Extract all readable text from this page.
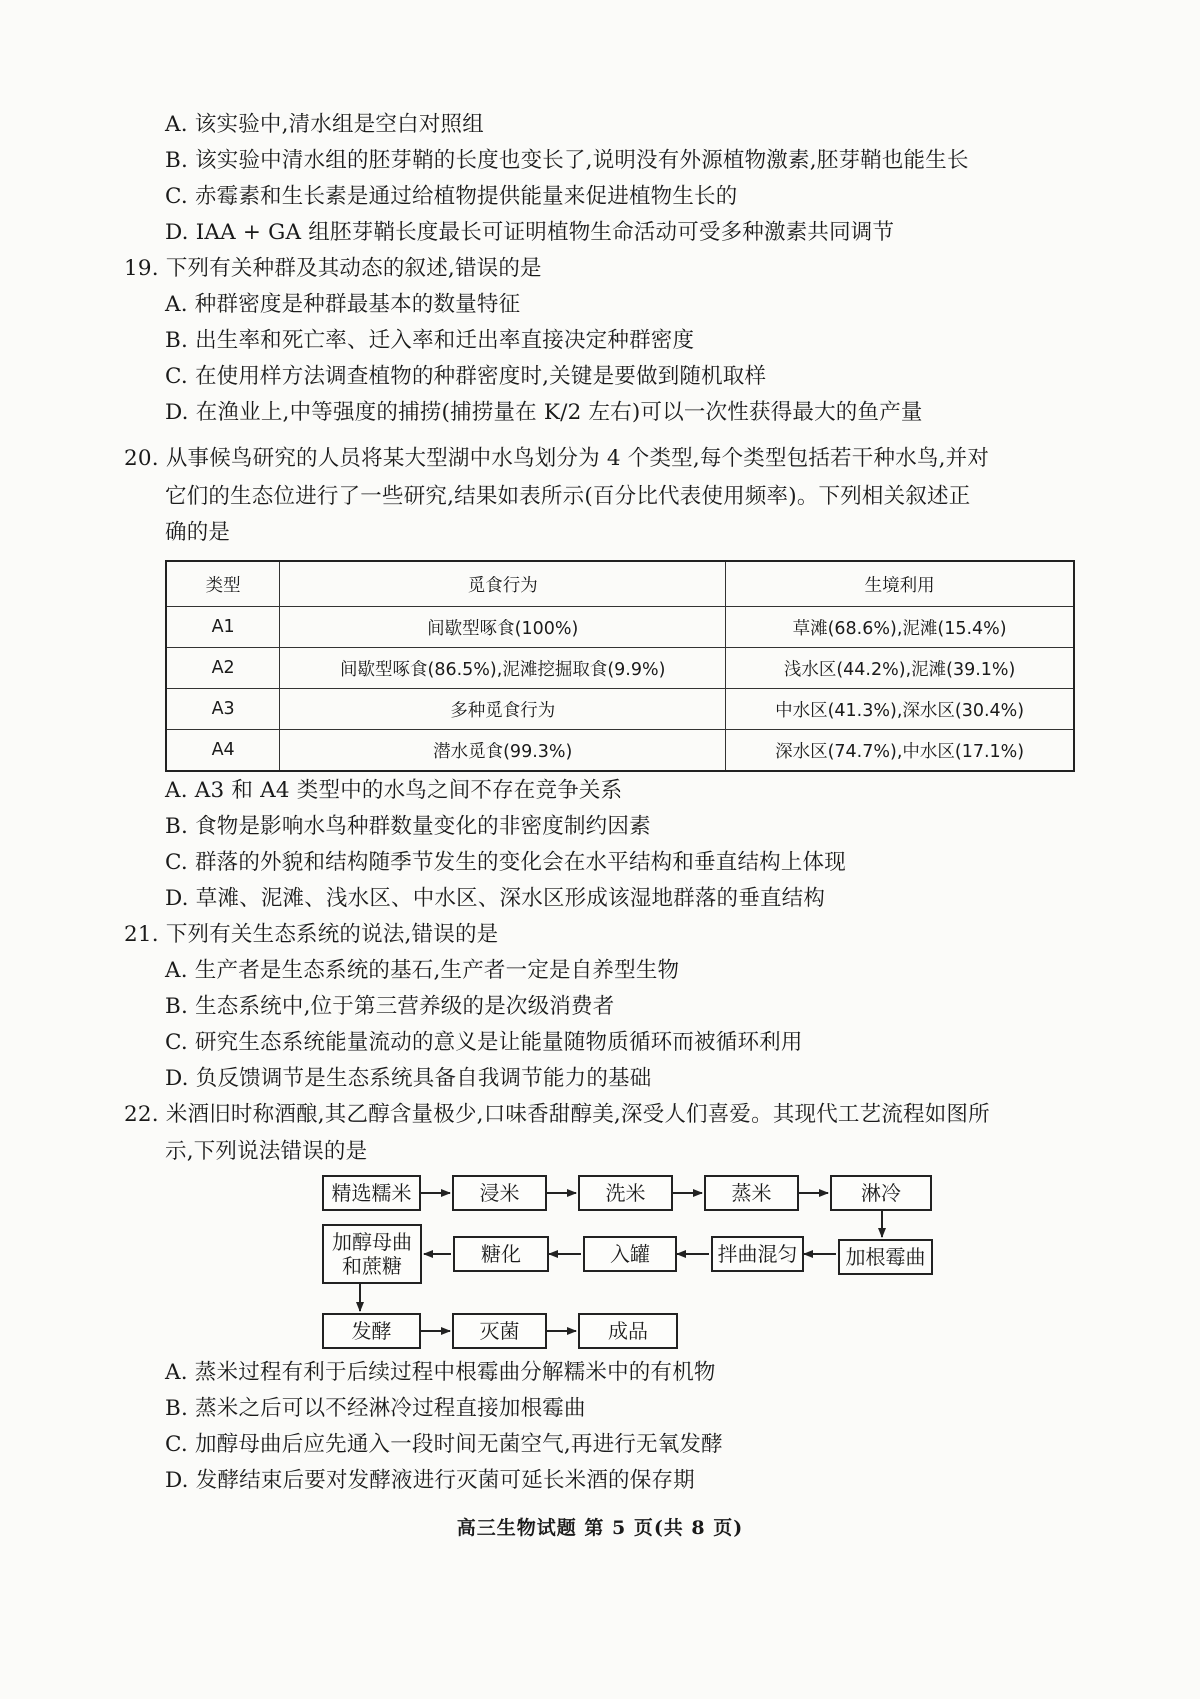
A. 该实验中,清水组是空白对照组
B. 该实验中清水组的胚芽鞘的长度也变长了,说明没有外源植物激素,胚芽鞘也能生长
C. 赤霉素和生长素是通过给植物提供能量来促进植物生长的
D. IAA + GA 组胚芽鞘长度最长可证明植物生命活动可受多种激素共同调节
19. 下列有关种群及其动态的叙述,错误的是
A. 种群密度是种群最基本的数量特征
B. 出生率和死亡率、迁入率和迁出率直接决定种群密度
C. 在使用样方法调查植物的种群密度时,关键是要做到随机取样
D. 在渔业上,中等强度的捕捞(捕捞量在 K/2 左右)可以一次性获得最大的鱼产量
20. 从事候鸟研究的人员将某大型湖中水鸟划分为 4 个类型,每个类型包括若干种水鸟,并对
它们的生态位进行了一些研究,结果如表所示(百分比代表使用频率)。下列相关叙述正
确的是
类型	觅食行为	生境利用
A1	间歇型啄食(100%)	草滩(68.6%),泥滩(15.4%)
A2	间歇型啄食(86.5%),泥滩挖掘取食(9.9%)	浅水区(44.2%),泥滩(39.1%)
A3	多种觅食行为	中水区(41.3%),深水区(30.4%)
A4	潜水觅食(99.3%)	深水区(74.7%),中水区(17.1%)
A. A3 和 A4 类型中的水鸟之间不存在竞争关系
B. 食物是影响水鸟种群数量变化的非密度制约因素
C. 群落的外貌和结构随季节发生的变化会在水平结构和垂直结构上体现
D. 草滩、泥滩、浅水区、中水区、深水区形成该湿地群落的垂直结构
21. 下列有关生态系统的说法,错误的是
A. 生产者是生态系统的基石,生产者一定是自养型生物
B. 生态系统中,位于第三营养级的是次级消费者
C. 研究生态系统能量流动的意义是让能量随物质循环而被循环利用
D. 负反馈调节是生态系统具备自我调节能力的基础
22. 米酒旧时称酒酿,其乙醇含量极少,口味香甜醇美,深受人们喜爱。其现代工艺流程如图所
示,下列说法错误的是
精选糯米	浸米	洗米	蒸米	淋冷
加醇母曲
和蔗糖	糖化	入罐	拌曲混匀	加根霉曲
发酵	灭菌	成品
A. 蒸米过程有利于后续过程中根霉曲分解糯米中的有机物
B. 蒸米之后可以不经淋冷过程直接加根霉曲
C. 加醇母曲后应先通入一段时间无菌空气,再进行无氧发酵
D. 发酵结束后要对发酵液进行灭菌可延长米酒的保存期
高三生物试题 第 5 页(共 8 页)
